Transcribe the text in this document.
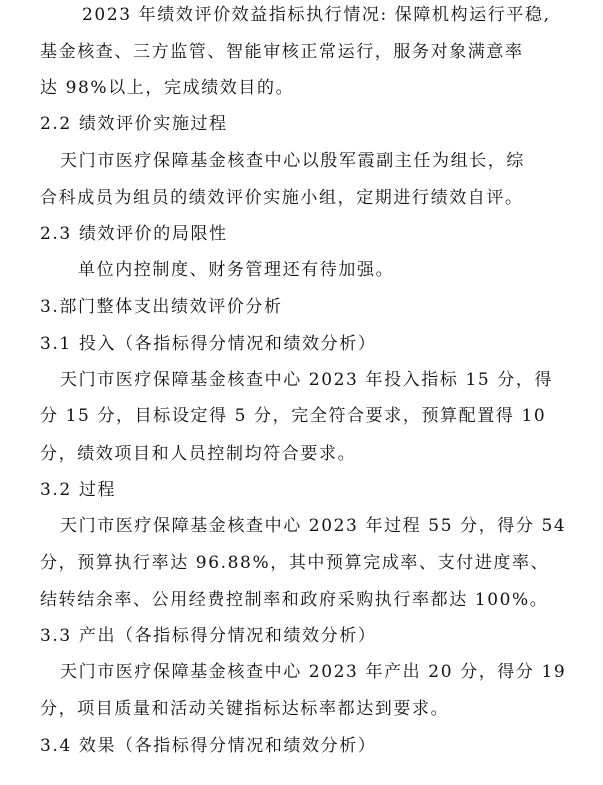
2023 年绩效评价效益指标执行情况: 保障机构运行平稳,
基金核查、三方监管、智能审核正常运行，服务对象满意率
达 98%以上，完成绩效目的。
2.2 绩效评价实施过程
天门市医疗保障基金核查中心以殷军霞副主任为组长，综
合科成员为组员的绩效评价实施小组，定期进行绩效自评。
2.3 绩效评价的局限性
单位内控制度、财务管理还有待加强。
3.部门整体支出绩效评价分析
3.1 投入（各指标得分情况和绩效分析）
天门市医疗保障基金核查中心 2023 年投入指标 15 分，得
分 15 分，目标设定得 5 分，完全符合要求，预算配置得 10
分，绩效项目和人员控制均符合要求。
3.2 过程
天门市医疗保障基金核查中心 2023 年过程 55 分，得分 54
分，预算执行率达 96.88%，其中预算完成率、支付进度率、
结转结余率、公用经费控制率和政府采购执行率都达 100%。
3.3 产出（各指标得分情况和绩效分析）
天门市医疗保障基金核查中心 2023 年产出 20 分，得分 19
分，项目质量和活动关键指标达标率都达到要求。
3.4 效果（各指标得分情况和绩效分析）
